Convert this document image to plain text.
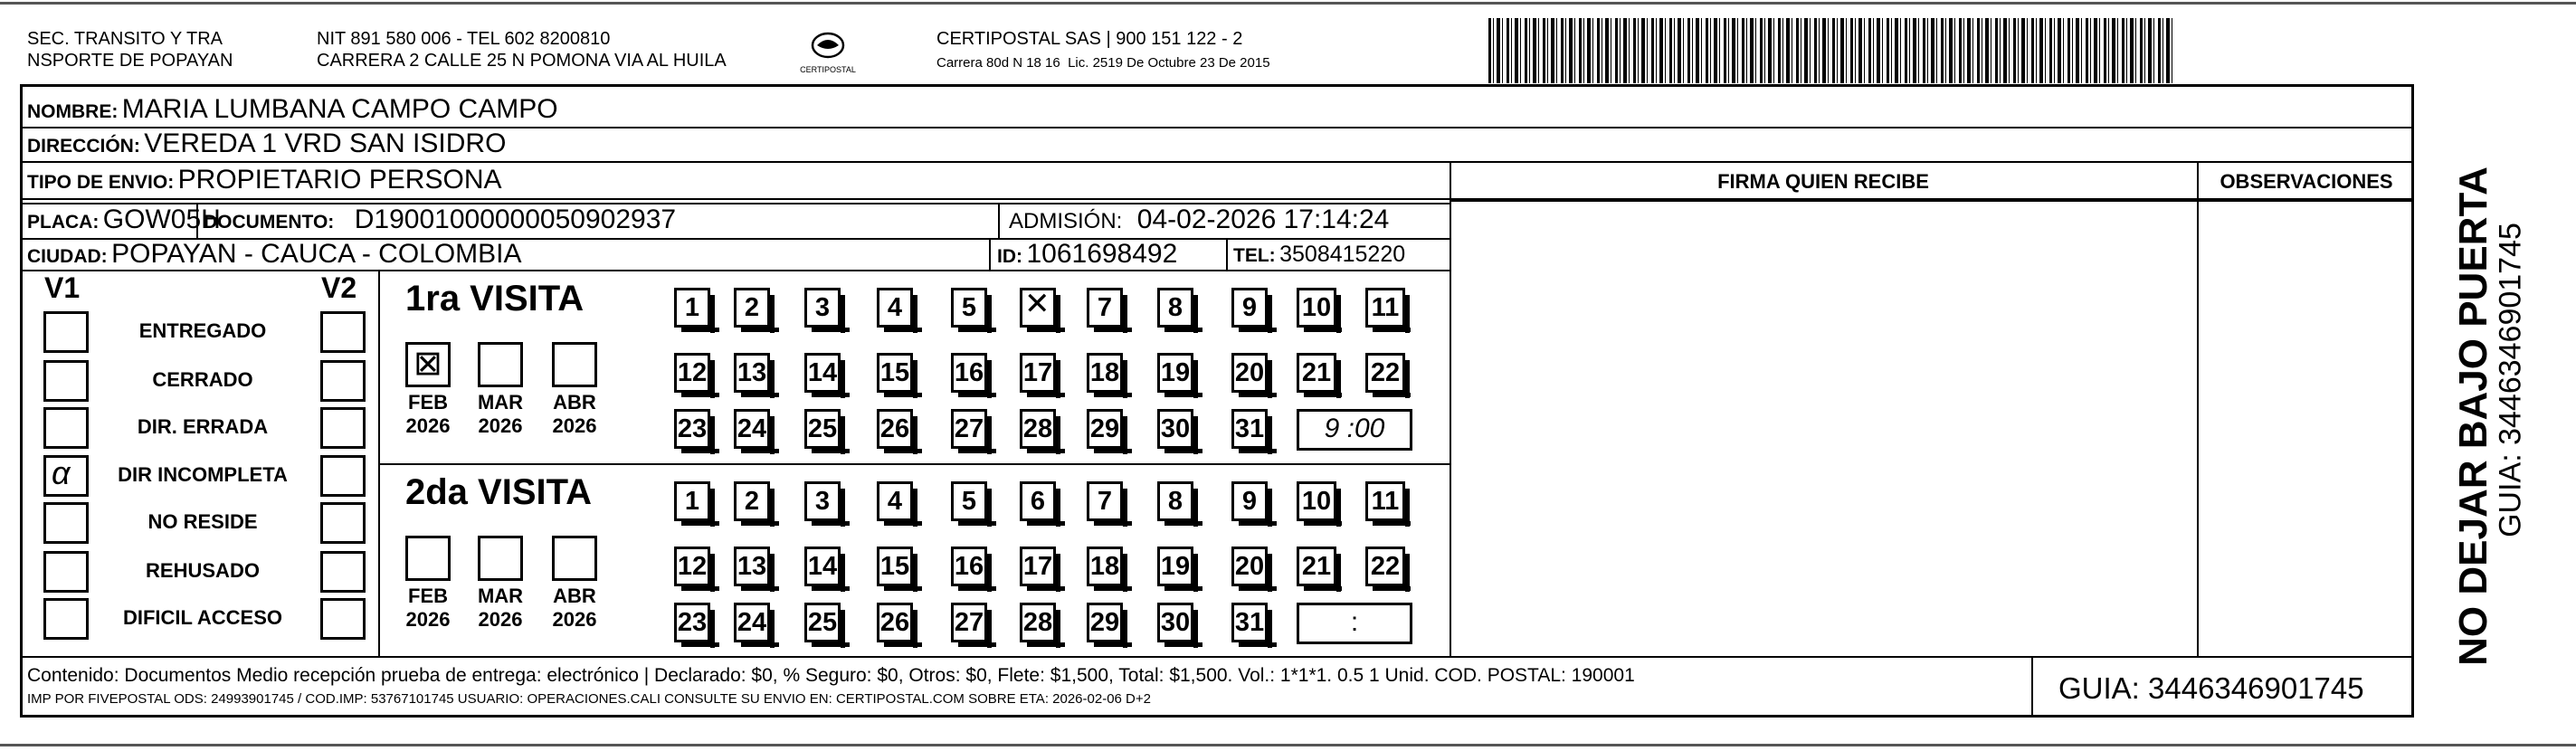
SEC. TRANSITO Y TRA
NSPORTE DE POPAYAN
NIT 891 580 006 - TEL 602 8200810
CARRERA 2 CALLE 25 N POMONA VIA AL HUILA	CERTIPOSTAL
CERTIPOSTAL SAS | 900 151 122 - 2
Carrera 80d N 18 16  Lic. 2519 De Octubre 23 De 2015
NOMBRE: MARIA LUMBANA CAMPO CAMPO
DIRECCIÓN: VEREDA 1 VRD SAN ISIDRO
TIPO DE ENVIO: PROPIETARIO PERSONA
PLACA: GOW05H
DOCUMENTO: D19001000000050902937	ADMISIÓN: 04-02-2026 17:14:24
CIUDAD: POPAYAN - CAUCA - COLOMBIA	ID: 1061698492	TEL: 3508415220
FIRMA QUIEN RECIBE	OBSERVACIONES
V1	V2
ENTREGADO
CERRADO
DIR. ERRADA
α	DIR INCOMPLETA
NO RESIDE
REHUSADO
DIFICIL ACCESO
1ra VISITA
⊠
FEB
2026
MAR
2026
ABR
2026
1	2	3	4	5	✕	7	8	9	10 11
12 13 14 15 16 17 18 19 20 21 22
23 24 25 26 27 28 29 30 31	9 :00
2da VISITA
FEB
2026
MAR
2026
ABR
2026
1	2	3	4	5	6	7	8	9	10 11
12 13 14 15 16 17 18 19 20 21 22
23 24 25 26 27 28 29 30 31	:
Contenido: Documentos Medio recepción prueba de entrega: electrónico | Declarado: $0, % Seguro: $0, Otros: $0, Flete: $1,500, Total: $1,500. Vol.: 1*1*1. 0.5 1 Unid. COD. POSTAL: 190001
IMP POR FIVEPOSTAL ODS: 24993901745 / COD.IMP: 53767101745 USUARIO: OPERACIONES.CALI CONSULTE SU ENVIO EN: CERTIPOSTAL.COM SOBRE ETA: 2026-02-06 D+2	GUIA: 3446346901745
NO DEJAR BAJO PUERTA
GUIA: 3446346901745
